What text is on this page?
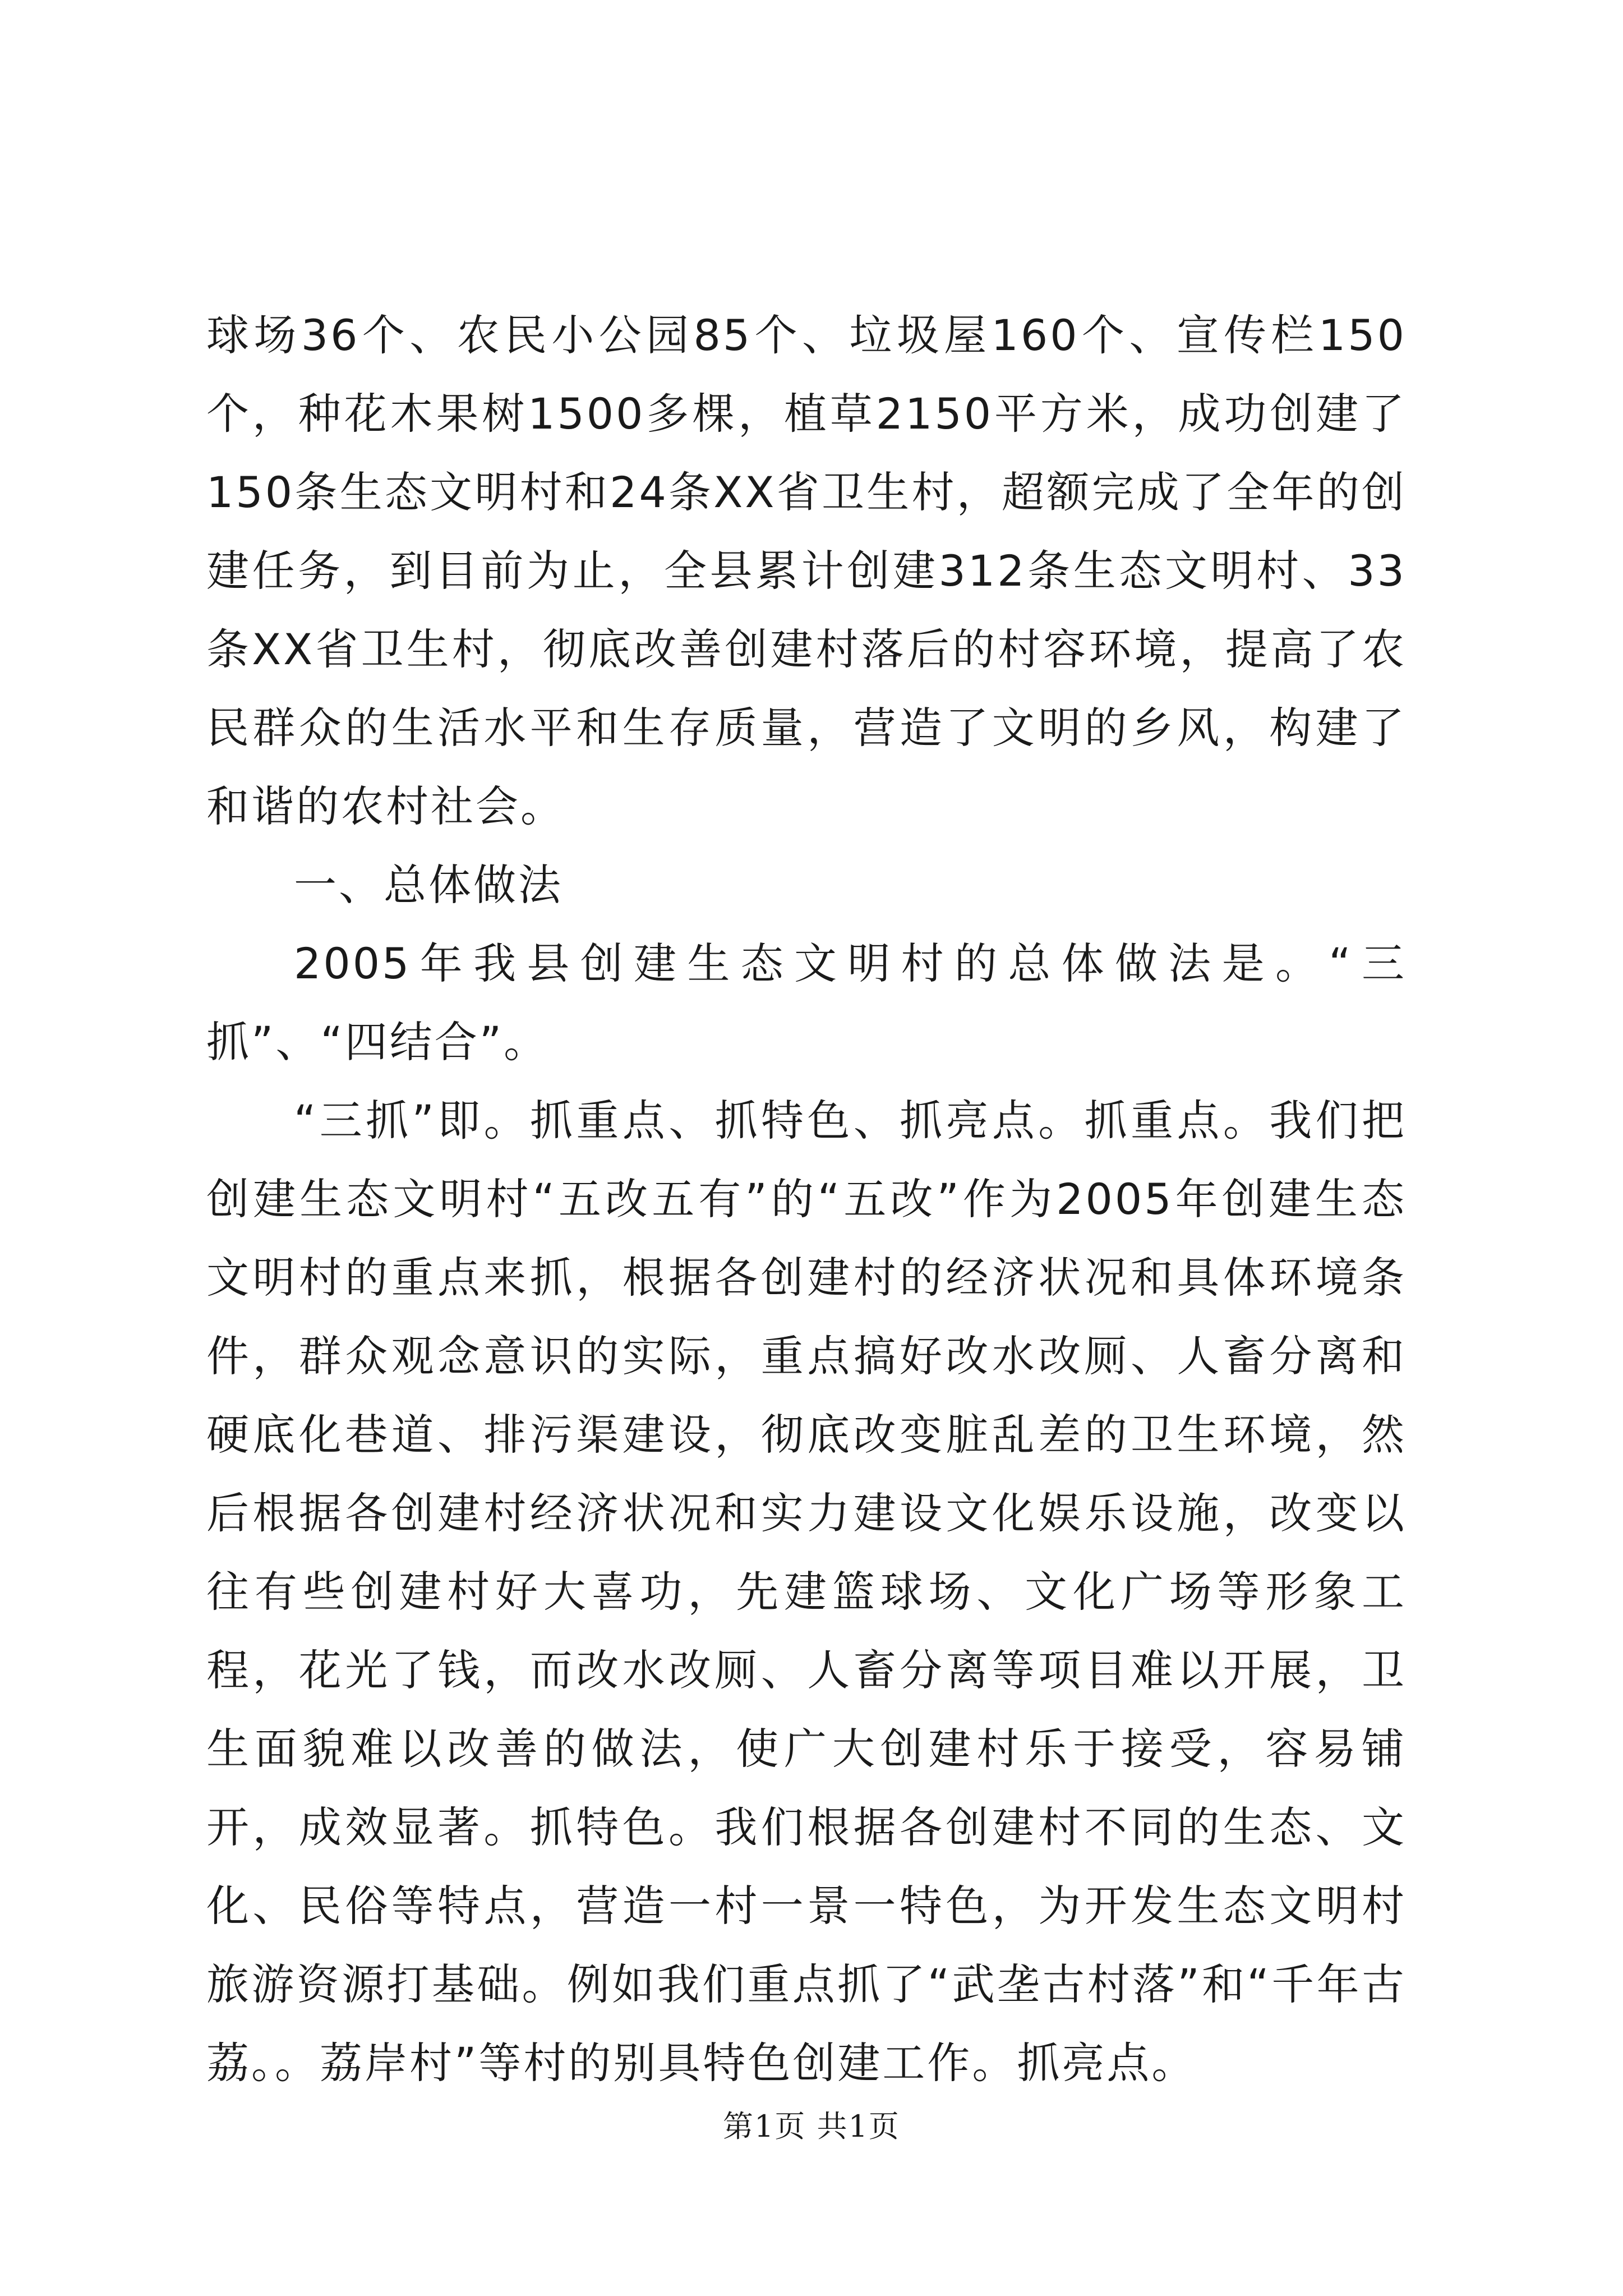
球场36个、农民小公园85个、垃圾屋160个、宣传栏150个，种花木果树1500多棵，植草2150平方米，成功创建了150条生态文明村和24条XX省卫生村，超额完成了全年的创建任务，到目前为止，全县累计创建312条生态文明村、33条XX省卫生村，彻底改善创建村落后的村容环境，提高了农民群众的生活水平和生存质量，营造了文明的乡风，构建了和谐的农村社会。

一、总体做法

2005年我县创建生态文明村的总体做法是。“三抓”、“四结合”。

“三抓”即。抓重点、抓特色、抓亮点。抓重点。我们把创建生态文明村“五改五有”的“五改”作为2005年创建生态文明村的重点来抓，根据各创建村的经济状况和具体环境条件，群众观念意识的实际，重点搞好改水改厕、人畜分离和硬底化巷道、排污渠建设，彻底改变脏乱差的卫生环境，然后根据各创建村经济状况和实力建设文化娱乐设施，改变以往有些创建村好大喜功，先建篮球场、文化广场等形象工程，花光了钱，而改水改厕、人畜分离等项目难以开展，卫生面貌难以改善的做法，使广大创建村乐于接受，容易铺开，成效显著。抓特色。我们根据各创建村不同的生态、文化、民俗等特点，营造一村一景一特色，为开发生态文明村旅游资源打基础。例如我们重点抓了“武垄古村落”和“千年古荔。。荔岸村”等村的别具特色创建工作。抓亮点。

第1页 共1页
